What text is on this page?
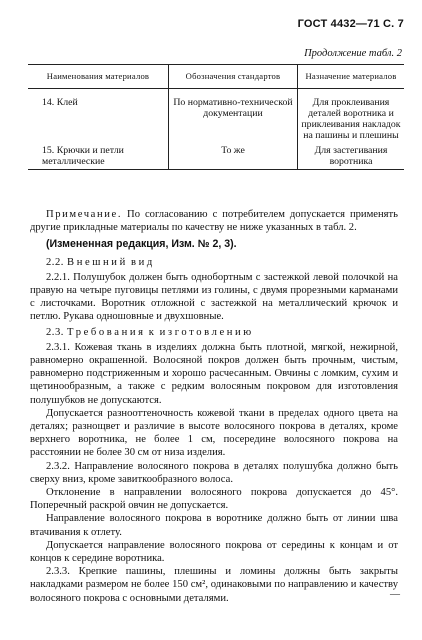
ГОСТ 4432—71 С. 7
Продолжение табл. 2
Наименования материалов	Обозначения стандартов	Назначение материалов
14. Клей	По нормативно-технической документации	Для проклеивания деталей воротника и приклеивания накладок на пашины и плешины
15. Крючки и петли металлические	То же	Для застегивания воротника

Примечание. По согласованию с потребителем допускается применять другие прикладные материалы по качеству не ниже указанных в табл. 2.

(Измененная редакция, Изм. № 2, 3).

2.2. Внешний вид

2.2.1. Полушубок должен быть однобортным с застежкой левой полочкой на правую на четыре пуговицы петлями из голины, с двумя прорезными карманами с листочками. Воротник отложной с застежкой на металлический крючок и петлю. Рукава одношовные и двухшовные.

2.3. Требования к изготовлению

2.3.1. Кожевая ткань в изделиях должна быть плотной, мягкой, нежирной, равномерно окрашенной. Волосяной покров должен быть прочным, чистым, равномерно подстриженным и хорошо расчесанным. Овчины с ломким, сухим и щетинообразным, а также с редким волосяным покровом для изготовления полушубков не допускаются.

Допускается разнооттеночность кожевой ткани в пределах одного цвета на деталях; разнощвет и различие в высоте волосяного покрова в деталях, кроме верхнего воротника, не более 1 см, посередине волосяного покрова на расстоянии не более 30 см от низа изделия.

2.3.2. Направление волосяного покрова в деталях полушубка должно быть сверху вниз, кроме завиткообразного волоса.

Отклонение в направлении волосяного покрова допускается до 45°. Поперечный раскрой овчин не допускается.

Направление волосяного покрова в воротнике должно быть от линии шва втачивания к отлету.

Допускается направление волосяного покрова от середины к концам и от концов к середине воротника.

2.3.3. Крепкие пашины, плешины и ломины должны быть закрыты накладками размером не более 150 см², одинаковыми по направлению и качеству волосяного покрова с основными деталями.	—
